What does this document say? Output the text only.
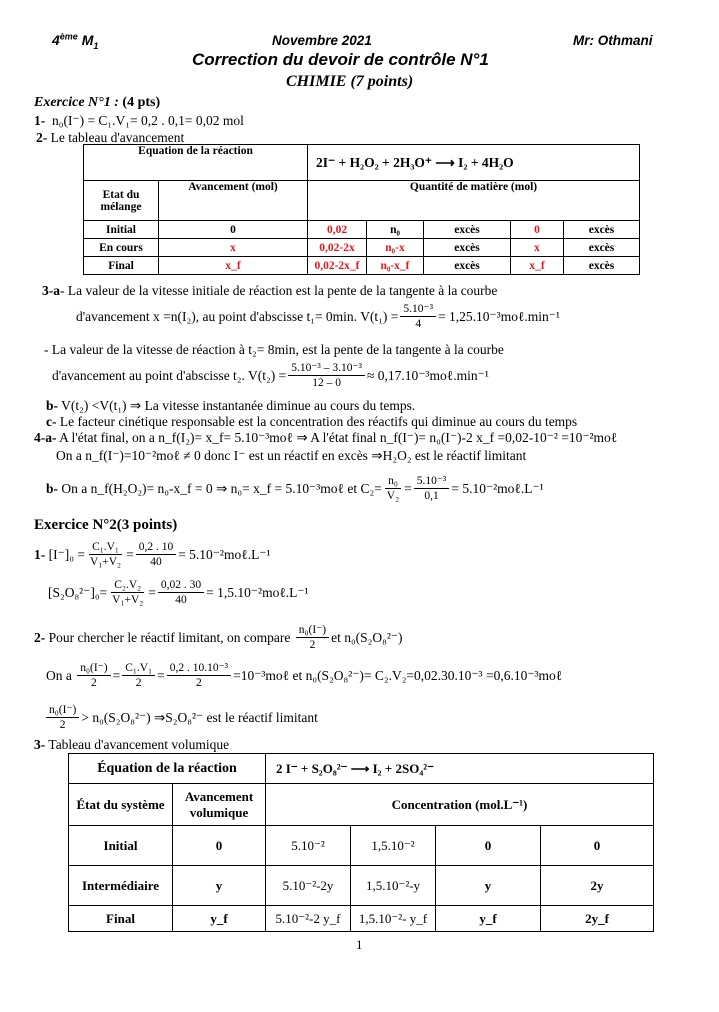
4ème $M_1$	Novembre 2021	Mr: Othmani
Correction du devoir de contrôle N°1
CHIMIE (7 points)
Exercice N°1 : (4 pts)
1- n₀(I⁻) = C₁.V₁= 0,2 . 0,1= 0,02 mol
2- Le tableau d'avancement
Equation de la réaction		2I⁻ + H₂O₂ + 2H₃O⁺ ⟶ I₂ + 4H₂O				
Etat du mélange	Avancement (mol)	Quantité de matière (mol)				
Initial	0	0,02	n₀	excès	0	excès
En cours	x	0,02-2x	n₀-x	excès	x	excès
Final	x_f	0,02-2x_f	n₀-x_f	excès	x_f	excès
3-a- La valeur de la vitesse initiale de réaction est la pente de la tangente à la courbe
d'avancement x =n(I₂), au point d'abscisse t₁= 0min. $V(t_1) = \frac{\text{5.10⁻³}}{4}$ = 1,25.10⁻³moℓ.min⁻¹
- La valeur de la vitesse de réaction à t₂= 8min, est la pente de la tangente à la courbe
d'avancement au point d'abscisse t₂. $V(t_2) = \frac{\text{5.10⁻³ – 3.10⁻³}}{12 - 0}$ ≈ 0,17.10⁻³moℓ.min⁻¹
b- V(t₂) <V(t₁) ⇒ La vitesse instantanée diminue au cours du temps.
c- Le facteur cinétique responsable est la concentration des réactifs qui diminue au cours du temps
4-a- A l'état final, on a n_f(I₂)= x_f= 5.10⁻³moℓ ⇒ A l'état final n_f(I⁻)= n₀(I⁻)-2 x_f =0,02-10⁻² =10⁻²moℓ
On a n_f(I⁻)=10⁻²moℓ ≠ 0 donc I⁻ est un réactif en excès ⇒H₂O₂ est le réactif limitant
b-
On a n_f(H₂O₂)= n₀-x_f = 0 ⇒ n₀= x_f = 5.10⁻³moℓ et $C_2= \frac{\text{n₀}}{\text{V₂}} = \frac{\text{5.10⁻³}}{0,1}$ = 5.10⁻²moℓ.L⁻¹
Exercice N°2(3 points)
1-
$[I^-]_0 = \frac{\text{C₁.V₁}}{\text{V₁+V₂}} = \frac{0,2 . 10}{40}$ = 5.10⁻²moℓ.L⁻¹
$[S_2O_8^{2-}]_0= \frac{\text{C₂.V₂}}{\text{V₁+V₂}} = \frac{0,02 . 30}{40}$ = 1,5.10⁻²moℓ.L⁻¹
2-
Pour chercher le réactif limitant, on compare
$\frac{\text{n₀(I⁻)}}{2}$ et n₀(S₂O₈²⁻)
On a
$\frac{\text{n₀(I⁻)}}{2} = \frac{\text{C₁.V₁}}{2} = \frac{\text{0,2 . 10.10⁻³}}{2}$ =10⁻³moℓ et n₀(S₂O₈²⁻)= C₂.V₂=0,02.30.10⁻³ =0,6.10⁻³moℓ
$\frac{\text{n₀(I⁻)}}{2} > n_0(S_2O_8^{2-})$ ⇒S₂O₈²⁻ est le réactif limitant
3- Tableau d'avancement volumique
Équation de la réaction		2 I⁻ + S₂O₈²⁻ ⟶ I₂ + 2SO₄²⁻			
État du système	Avancement volumique	Concentration (mol.L⁻¹)			
Initial	0	5.10⁻²	1,5.10⁻²	0	0
Intermédiaire	y	5.10⁻²-2y	1,5.10⁻²-y	y	2y
Final	y_f	5.10⁻²-2 y_f	1,5.10⁻²- y_f	y_f	2y_f
1
